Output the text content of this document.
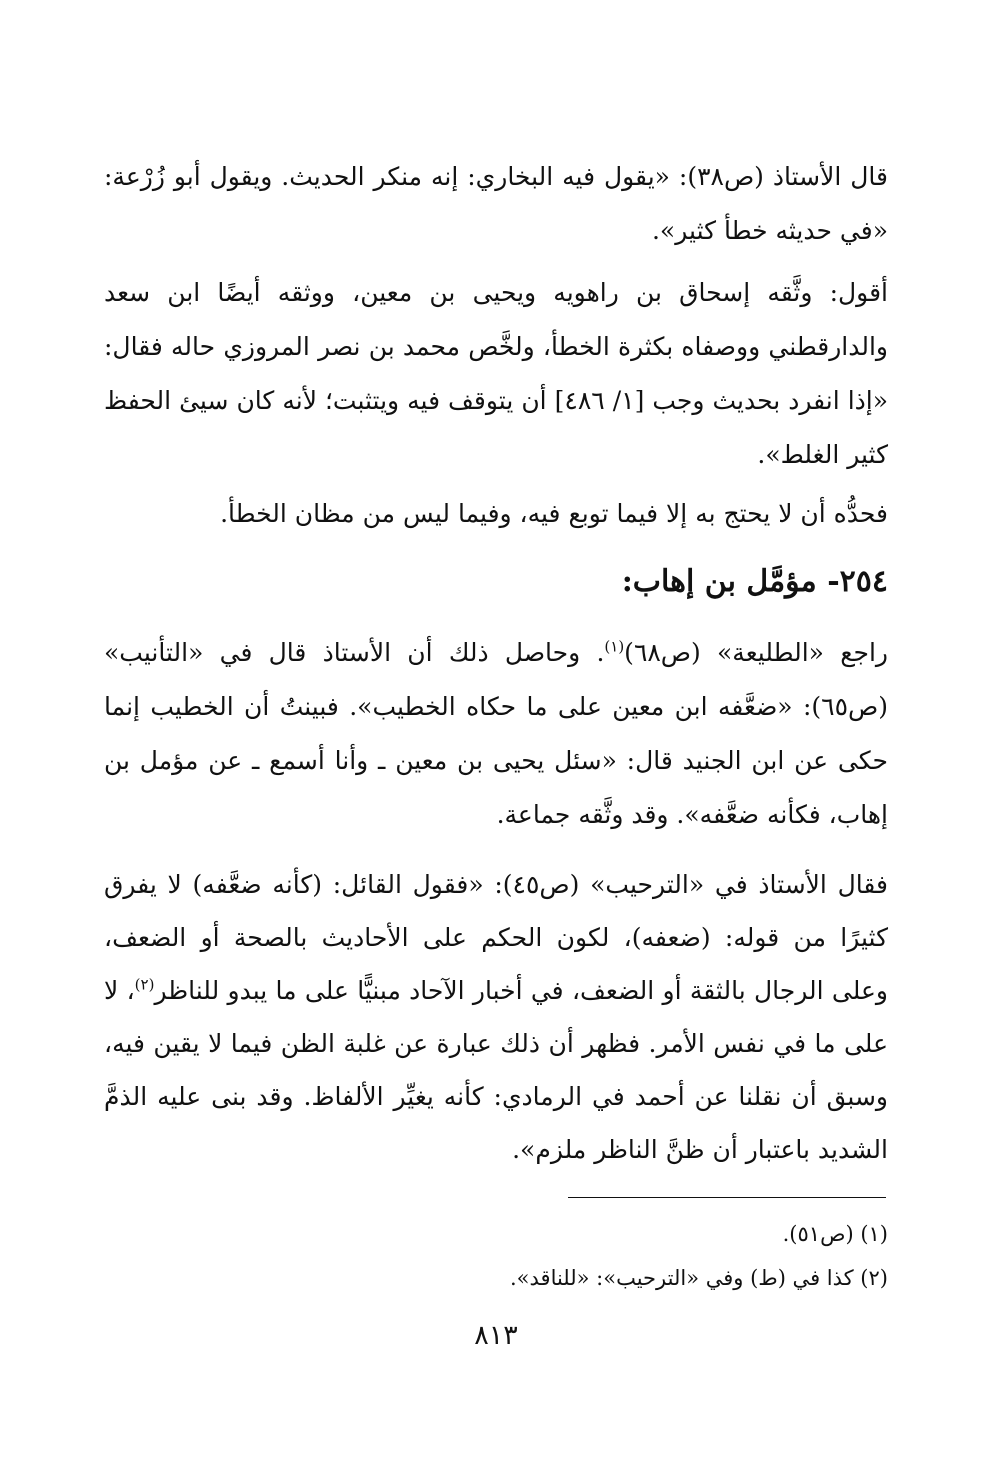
قال الأستاذ (ص٣٨): «يقول فيه البخاري: إنه منكر الحديث. ويقول أبو زُرْعة: «في حديثه خطأ كثير».
أقول: وثَّقه إسحاق بن راهويه ويحيى بن معين، ووثقه أيضًا ابن سعد والدارقطني ووصفاه بكثرة الخطأ، ولخَّص محمد بن نصر المروزي حاله فقال: «إذا انفرد بحديث وجب [١/ ٤٨٦] أن يتوقف فيه ويتثبت؛ لأنه كان سيئ الحفظ كثير الغلط».
فحدُّه أن لا يحتج به إلا فيما توبع فيه، وفيما ليس من مظان الخطأ.
٢٥٤- مؤمَّل بن إهاب:
راجع «الطليعة» (ص٦٨)$^{(١)}$. وحاصل ذلك أن الأستاذ قال في «التأنيب» (ص٦٥): «ضعَّفه ابن معين على ما حكاه الخطيب». فبينتُ أن الخطيب إنما حكى عن ابن الجنيد قال: «سئل يحيى بن معين ـ وأنا أسمع ـ عن مؤمل بن إهاب، فكأنه ضعَّفه». وقد وثَّقه جماعة.
فقال الأستاذ في «الترحيب» (ص٤٥): «فقول القائل: (كأنه ضعَّفه) لا يفرق كثيرًا من قوله: (ضعفه)، لكون الحكم على الأحاديث بالصحة أو الضعف، وعلى الرجال بالثقة أو الضعف، في أخبار الآحاد مبنيًّا على ما يبدو للناظر$^{(٢)}$، لا على ما في نفس الأمر. فظهر أن ذلك عبارة عن غلبة الظن فيما لا يقين فيه، وسبق أن نقلنا عن أحمد في الرمادي: كأنه يغيِّر الألفاظ. وقد بنى عليه الذمَّ الشديد باعتبار أن ظنَّ الناظر ملزم».
(١) (ص٥١).
(٢) كذا في (ط) وفي «الترحيب»: «للناقد».
٨١٣
